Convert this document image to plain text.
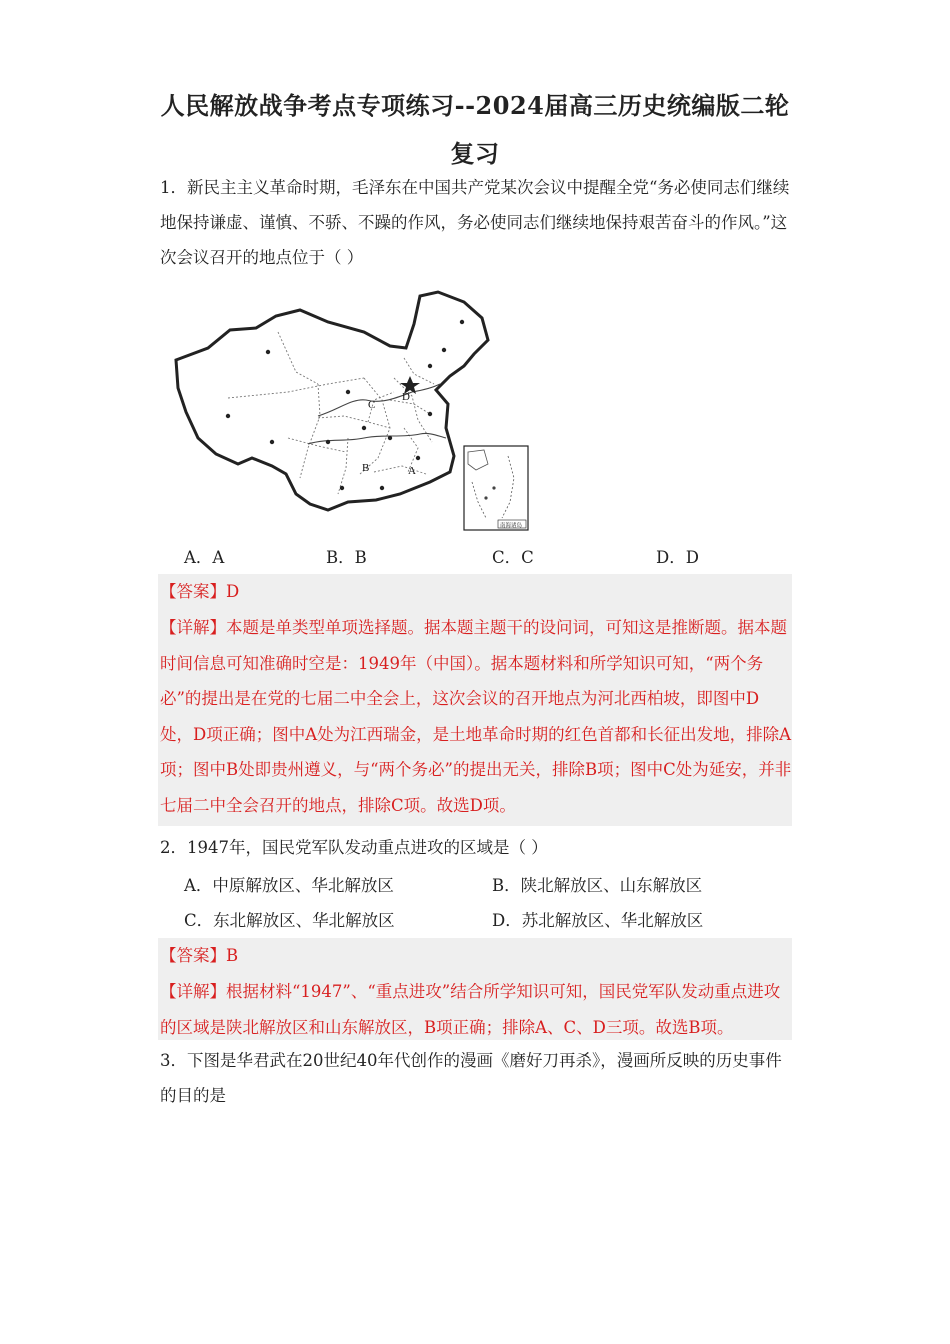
人民解放战争考点专项练习--2024届高三历史统编版二轮复习
1．新民主主义革命时期，毛泽东在中国共产党某次会议中提醒全党“务必使同志们继续地保持谦虚、谨慎、不骄、不躁的作风，务必使同志们继续地保持艰苦奋斗的作风。”这次会议召开的地点位于（ ）
A
B
C
D
南海诸岛
A．A	B．B	C．C	D．D
【答案】D
【详解】本题是单类型单项选择题。据本题主题干的设问词，可知这是推断题。据本题时间信息可知准确时空是：1949年（中国）。据本题材料和所学知识可知，“两个务必”的提出是在党的七届二中全会上，这次会议的召开地点为河北西柏坡，即图中D处，D项正确；图中A处为江西瑞金，是土地革命时期的红色首都和长征出发地，排除A项；图中B处即贵州遵义，与“两个务必”的提出无关，排除B项；图中C处为延安，并非七届二中全会召开的地点，排除C项。故选D项。
2．1947年，国民党军队发动重点进攻的区域是（ ）
A．中原解放区、华北解放区	B．陕北解放区、山东解放区
C．东北解放区、华北解放区	D．苏北解放区、华北解放区
【答案】B
【详解】根据材料“1947”、“重点进攻”结合所学知识可知，国民党军队发动重点进攻的区域是陕北解放区和山东解放区，B项正确；排除A、C、D三项。故选B项。
3．下图是华君武在20世纪40年代创作的漫画《磨好刀再杀》，漫画所反映的历史事件的目的是
